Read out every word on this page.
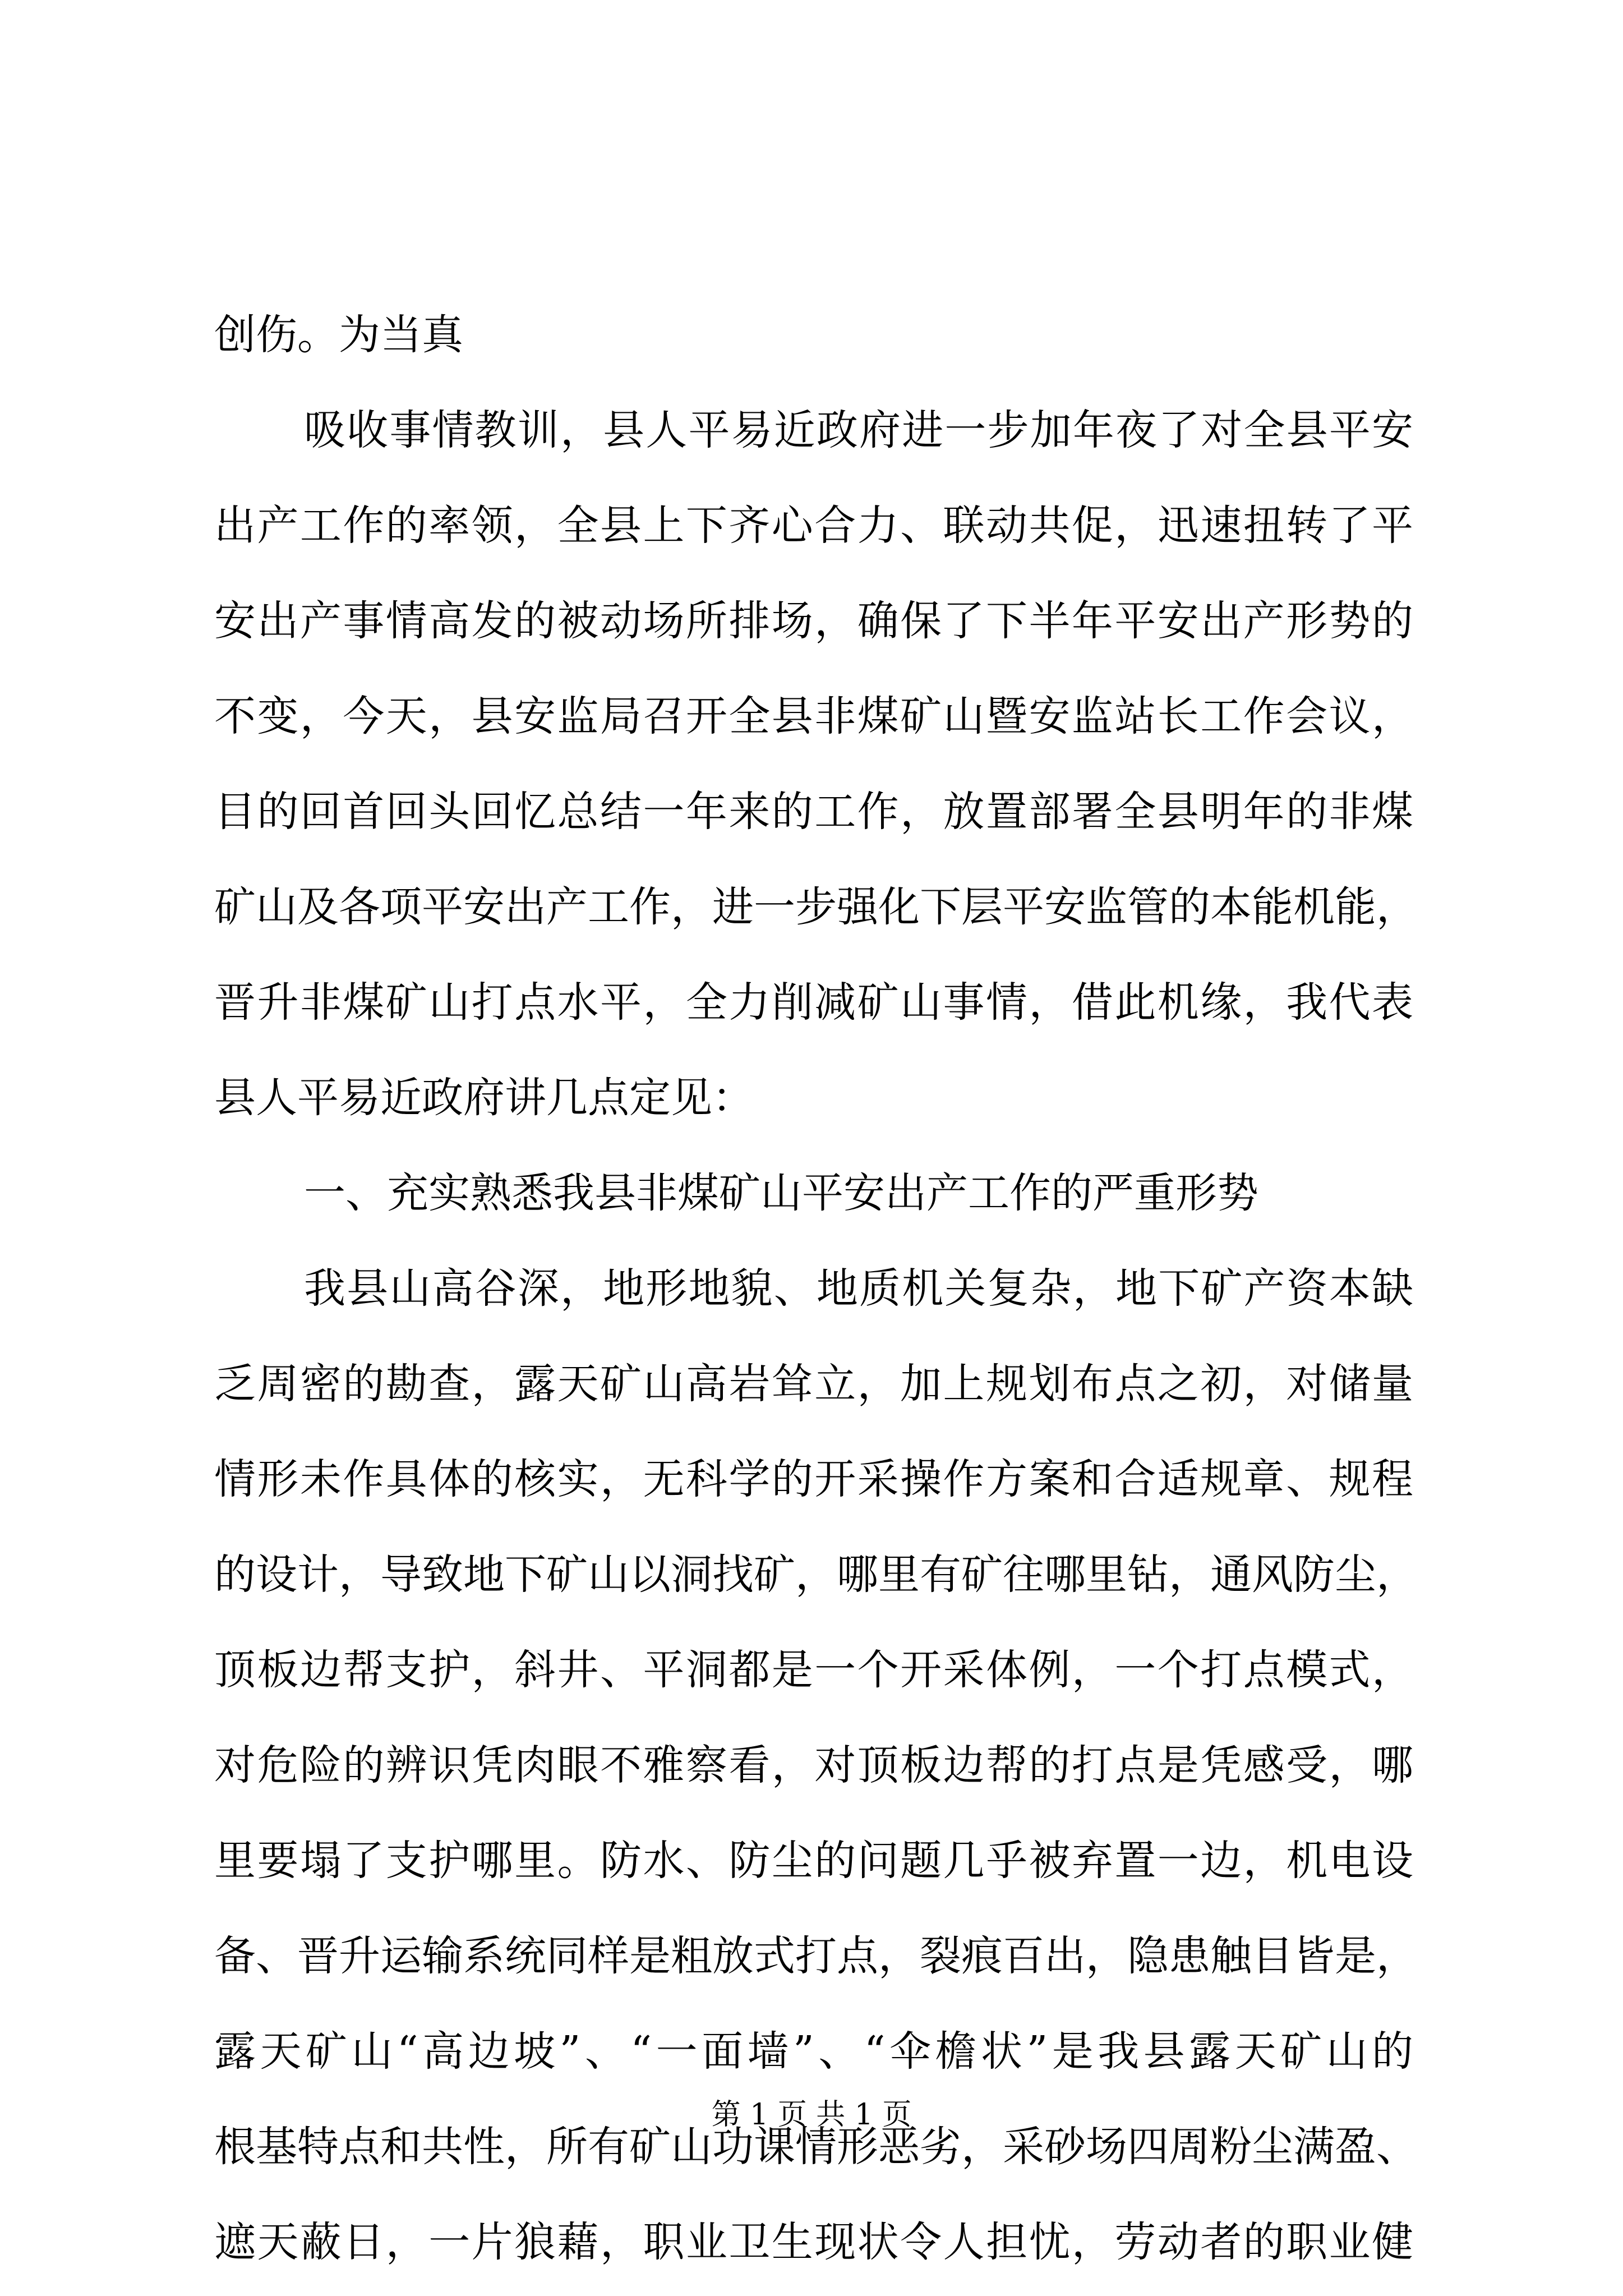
创伤。为当真
吸收事情教训，县人平易近政府进一步加年夜了对全县平安
出产工作的率领，全县上下齐心合力、联动共促，迅速扭转了平
安出产事情高发的被动场所排场，确保了下半年平安出产形势的
不变，今天，县安监局召开全县非煤矿山暨安监站长工作会议，
目的回首回头回忆总结一年来的工作，放置部署全县明年的非煤
矿山及各项平安出产工作，进一步强化下层平安监管的本能机能，
晋升非煤矿山打点水平，全力削减矿山事情，借此机缘，我代表
县人平易近政府讲几点定见：
一、充实熟悉我县非煤矿山平安出产工作的严重形势
我县山高谷深，地形地貌、地质机关复杂，地下矿产资本缺
乏周密的勘查，露天矿山高岩耸立，加上规划布点之初，对储量
情形未作具体的核实，无科学的开采操作方案和合适规章、规程
的设计，导致地下矿山以洞找矿，哪里有矿往哪里钻，通风防尘，
顶板边帮支护，斜井、平洞都是一个开采体例，一个打点模式，
对危险的辨识凭肉眼不雅察看，对顶板边帮的打点是凭感受，哪
里要塌了支护哪里。防水、防尘的问题几乎被弃置一边，机电设
备、晋升运输系统同样是粗放式打点，裂痕百出，隐患触目皆是，
露天矿山“高边坡”、“一面墙”、“伞檐状”是我县露天矿山的
根基特点和共性，所有矿山功课情形恶劣，采砂场四周粉尘满盈、
遮天蔽日，一片狼藉，职业卫生现状令人担忧，劳动者的职业健
第 1 页 共 1 页
